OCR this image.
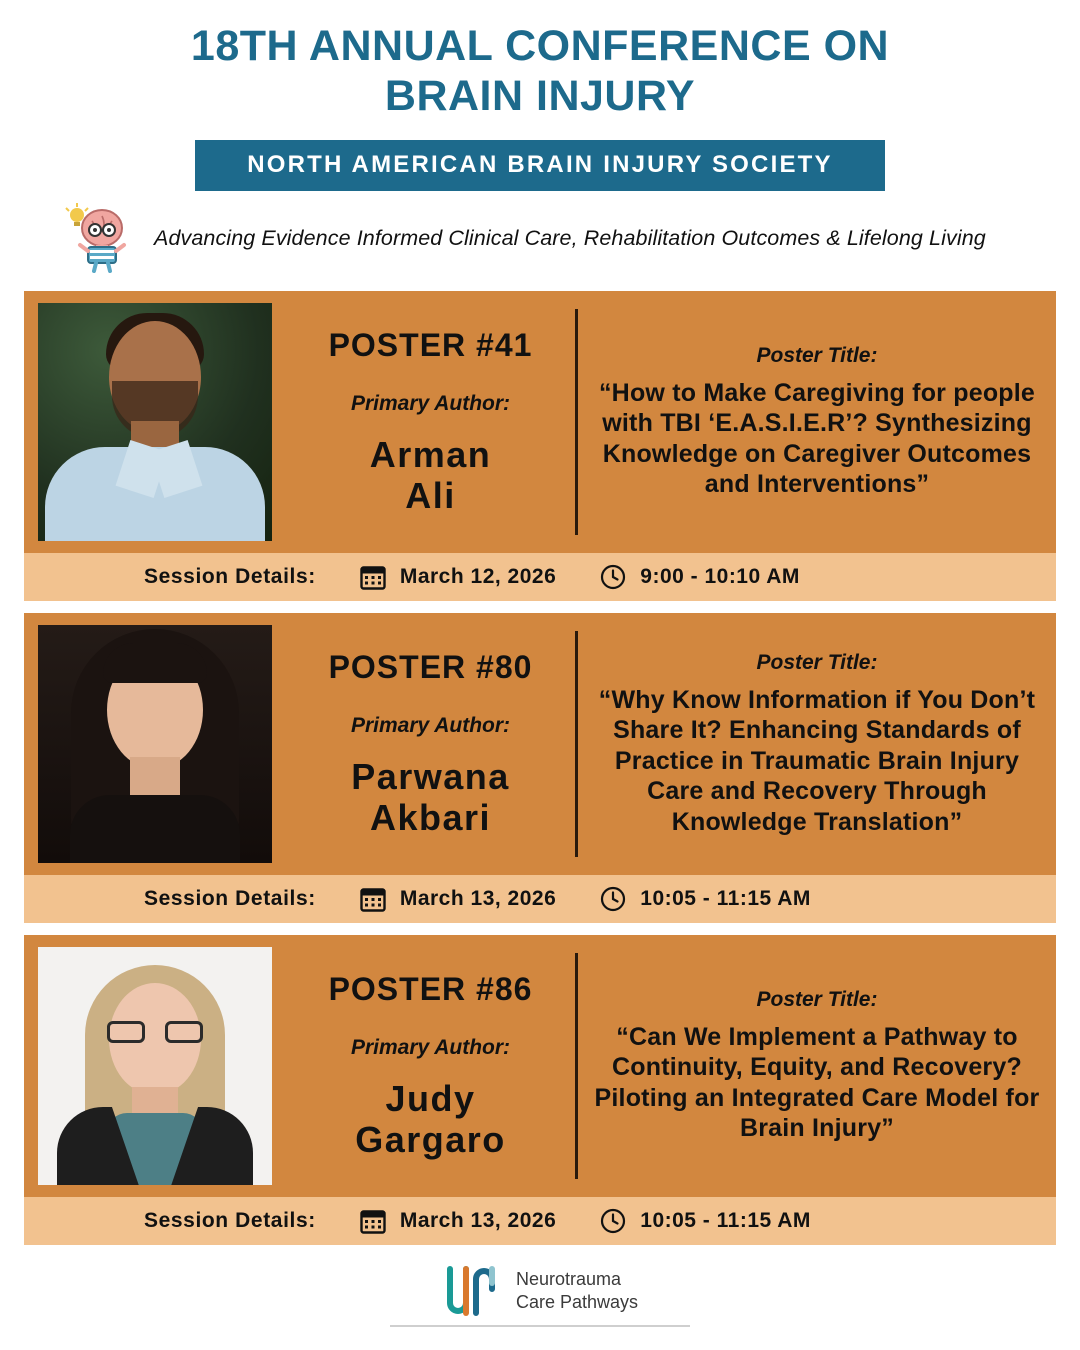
18TH ANNUAL CONFERENCE ON BRAIN INJURY
NORTH AMERICAN BRAIN INJURY SOCIETY
Advancing Evidence Informed Clinical Care, Rehabilitation Outcomes & Lifelong Living
POSTER #41
Primary Author:
Arman
Ali
Poster Title:
“How to Make Caregiving for people with TBI ‘E.A.S.I.E.R’? Synthesizing Knowledge on Caregiver Outcomes and Interventions”
Session Details:	March 12, 2026	9:00 - 10:10 AM
POSTER #80
Primary Author:
Parwana
Akbari
Poster Title:
“Why Know Information if You Don’t Share It? Enhancing Standards of Practice in Traumatic Brain Injury Care and Recovery Through Knowledge Translation”
Session Details:	March 13, 2026	10:05 - 11:15 AM
POSTER #86
Primary Author:
Judy
Gargaro
Poster Title:
“Can We Implement a Pathway to Continuity, Equity, and Recovery? Piloting an Integrated Care Model for Brain Injury”
Session Details:	March 13, 2026	10:05 - 11:15 AM
Neurotrauma
Care Pathways
